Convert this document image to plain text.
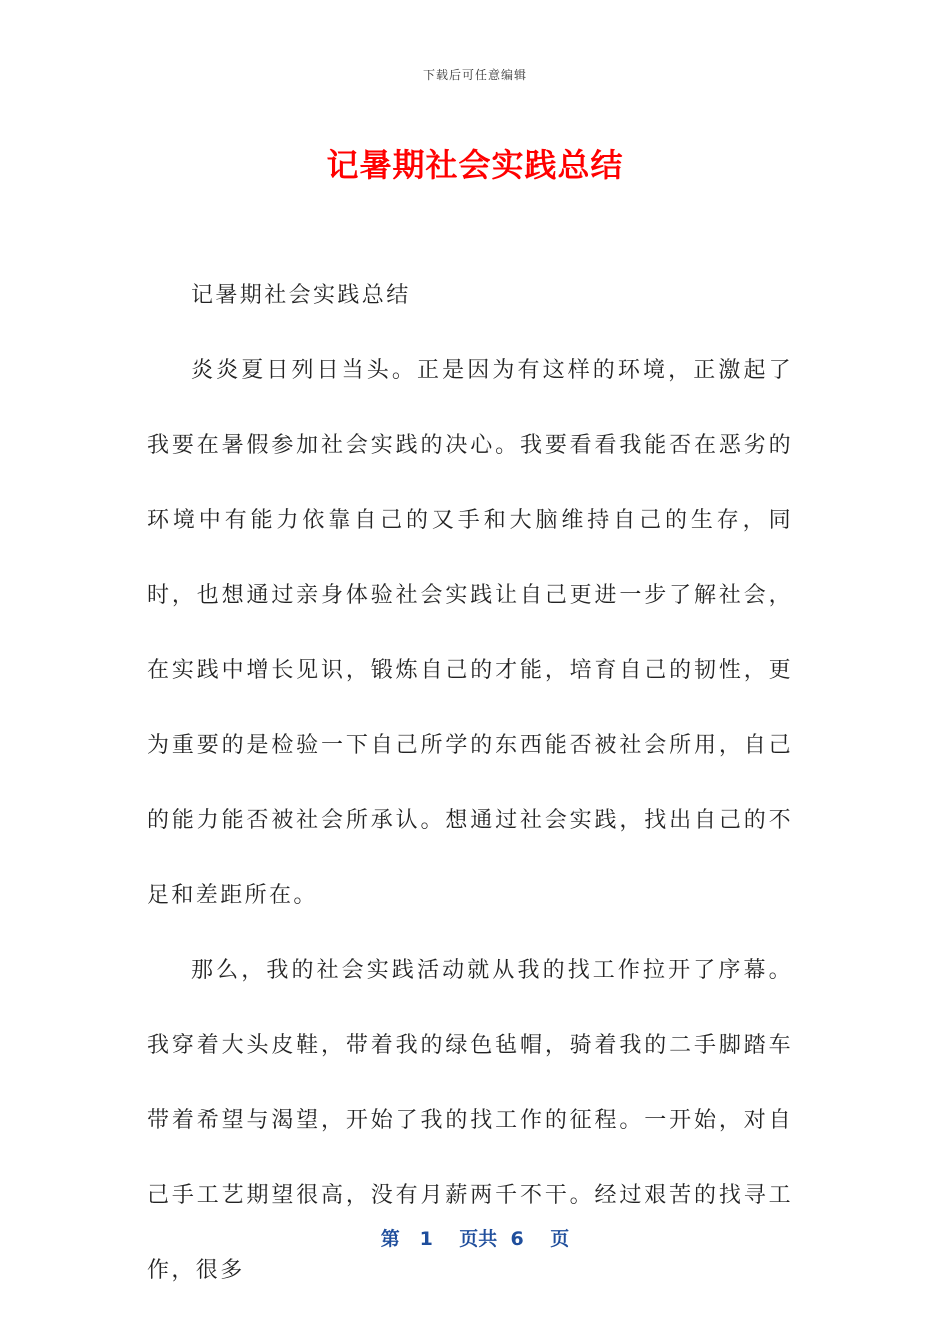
下载后可任意编辑
记暑期社会实践总结

记暑期社会实践总结

炎炎夏日列日当头。正是因为有这样的环境，正激起了我要在暑假参加社会实践的决心。我要看看我能否在恶劣的环境中有能力依靠自己的又手和大脑维持自己的生存，同时，也想通过亲身体验社会实践让自己更进一步了解社会，在实践中增长见识，锻炼自己的才能，培育自己的韧性，更为重要的是检验一下自己所学的东西能否被社会所用，自己的能力能否被社会所承认。想通过社会实践，找出自己的不足和差距所在。

那么，我的社会实践活动就从我的找工作拉开了序幕。我穿着大头皮鞋，带着我的绿色毡帽，骑着我的二手脚踏车带着希望与渴望，开始了我的找工作的征程。一开始，对自己手工艺期望很高，没有月薪两千不干。经过艰苦的找寻工作，很多

第 1 页共 6 页
